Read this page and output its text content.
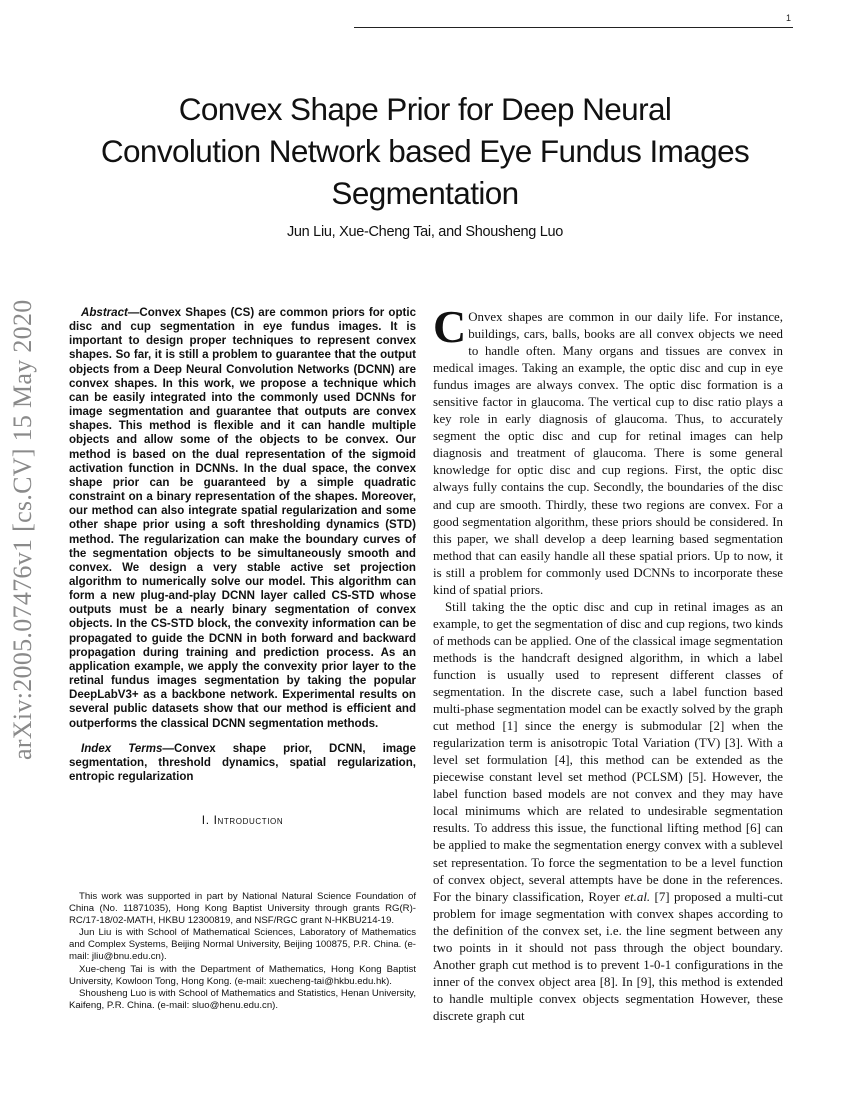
1
Convex Shape Prior for Deep Neural
Convolution Network based Eye Fundus Images
Segmentation
Jun Liu, Xue-Cheng Tai, and Shousheng Luo
arXiv:2005.07476v1 [cs.CV] 15 May 2020	Abstract—Convex Shapes (CS) are common priors for optic disc and cup segmentation in eye fundus images. It is important to design proper techniques to represent convex shapes. So far, it is still a problem to guarantee that the output objects from a Deep Neural Convolution Networks (DCNN) are convex shapes. In this work, we propose a technique which can be easily integrated into the commonly used DCNNs for image segmentation and guarantee that outputs are convex shapes. This method is flexible and it can handle multiple objects and allow some of the objects to be convex. Our method is based on the dual representation of the sigmoid activation function in DCNNs. In the dual space, the convex shape prior can be guaranteed by a simple quadratic constraint on a binary representation of the shapes. Moreover, our method can also integrate spatial regularization and some other shape prior using a soft thresholding dynamics (STD) method. The regularization can make the boundary curves of the segmentation objects to be simultaneously smooth and convex. We design a very stable active set projection algorithm to numerically solve our model. This algorithm can form a new plug-and-play DCNN layer called CS-STD whose outputs must be a nearly binary segmentation of convex objects. In the CS-STD block, the convexity information can be propagated to guide the DCNN in both forward and backward propagation during training and prediction process. As an application example, we apply the convexity prior layer to the retinal fundus images segmentation by taking the popular DeepLabV3+ as a backbone network. Experimental results on several public datasets show that our method is efficient and outperforms the classical DCNN segmentation methods.

Index Terms—Convex shape prior, DCNN, image segmentation, threshold dynamics, spatial regularization, entropic regularization

I. Introduction

This work was supported in part by National Natural Science Foundation of China (No. 11871035), Hong Kong Baptist University through grants RG(R)-RC/17-18/02-MATH, HKBU 12300819, and NSF/RGC grant N-HKBU214-19.

Jun Liu is with School of Mathematical Sciences, Laboratory of Mathematics and Complex Systems, Beijing Normal University, Beijing 100875, P.R. China. (e-mail: jliu@bnu.edu.cn).

Xue-cheng Tai is with the Department of Mathematics, Hong Kong Baptist University, Kowloon Tong, Hong Kong. (e-mail: xuecheng-tai@hkbu.edu.hk).

Shousheng Luo is with School of Mathematics and Statistics, Henan University, Kaifeng, P.R. China. (e-mail: sluo@henu.edu.cn).

C Onvex shapes are common in our daily life. For instance, buildings, cars, balls, books are all convex objects we need to handle often. Many organs and tissues are convex in medical images. Taking an example, the optic disc and cup in eye fundus images are always convex. The optic disc formation is a sensitive factor in glaucoma. The vertical cup to disc ratio plays a key role in early diagnosis of glaucoma. Thus, to accurately segment the optic disc and cup for retinal images can help diagnosis and treatment of glaucoma. There is some general knowledge for optic disc and cup regions. First, the optic disc always fully contains the cup. Secondly, the boundaries of the disc and cup are smooth. Thirdly, these two regions are convex. For a good segmentation algorithm, these priors should be considered. In this paper, we shall develop a deep learning based segmentation method that can easily handle all these spatial priors. Up to now, it is still a problem for commonly used DCNNs to incorporate these kind of spatial priors.

Still taking the the optic disc and cup in retinal images as an example, to get the segmentation of disc and cup regions, two kinds of methods can be applied. One of the classical image segmentation methods is the handcraft designed algorithm, in which a label function is usually used to represent different classes of segmentation. In the discrete case, such a label function based multi-phase segmentation model can be exactly solved by the graph cut method [1] since the energy is submodular [2] when the regularization term is anisotropic Total Variation (TV) [3]. With a level set formulation [4], this method can be extended as the piecewise constant level set method (PCLSM) [5]. However, the label function based models are not convex and they may have local minimums which are related to undesirable segmentation results. To address this issue, the functional lifting method [6] can be applied to make the segmentation energy convex with a sublevel set representation. To force the segmentation to be a level function of convex object, several attempts have be done in the references. For the binary classification, Royer et.al. [7] proposed a multi-cut problem for image segmentation with convex shapes according to the definition of the convex set, i.e. the line segment between any two points in it should not pass through the object boundary. Another graph cut method is to prevent 1-0-1 configurations in the inner of the convex object area [8]. In [9], this method is extended to handle multiple convex objects segmentation However, these discrete graph cut
